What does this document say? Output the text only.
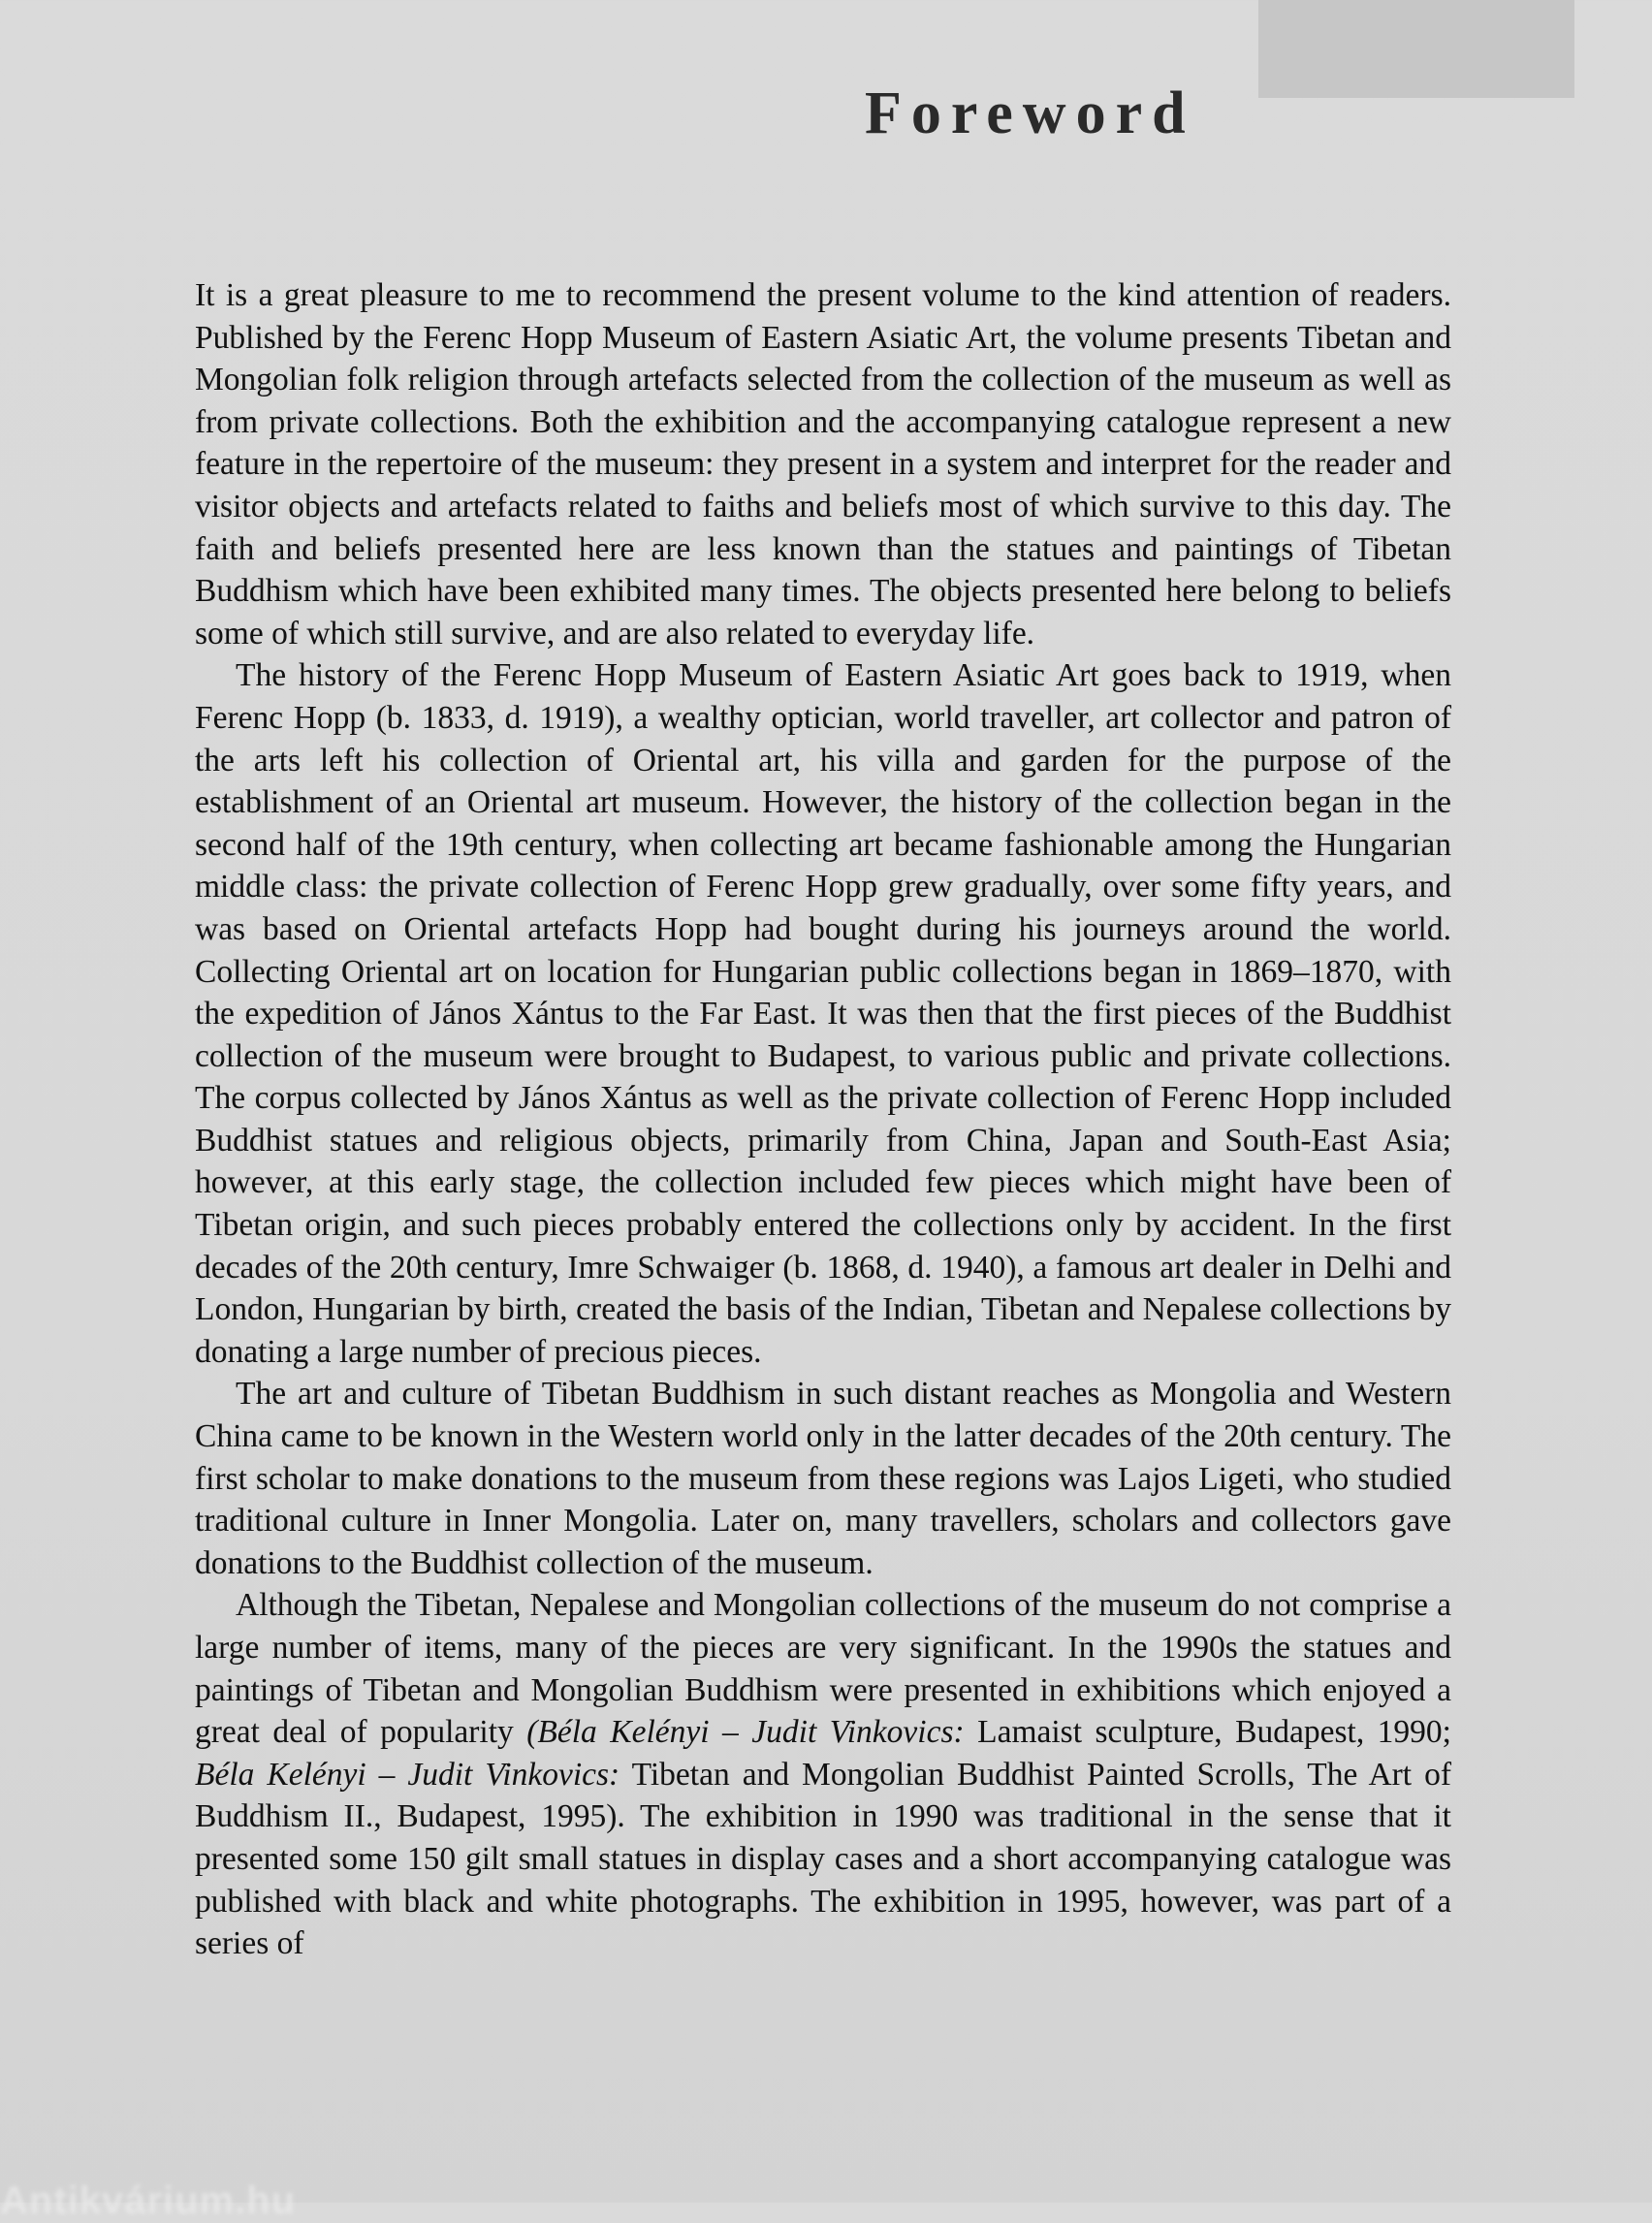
Foreword

It is a great pleasure to me to recommend the present volume to the kind attention of readers. Published by the Ferenc Hopp Museum of Eastern Asiatic Art, the volume presents Tibetan and Mongolian folk religion through artefacts selected from the collection of the museum as well as from private collections. Both the exhibition and the accompanying catalogue represent a new feature in the repertoire of the museum: they present in a system and interpret for the reader and visitor objects and artefacts related to faiths and beliefs most of which survive to this day. The faith and beliefs presented here are less known than the statues and paintings of Tibetan Buddhism which have been exhibited many times. The objects presented here belong to beliefs some of which still survive, and are also related to everyday life.

The history of the Ferenc Hopp Museum of Eastern Asiatic Art goes back to 1919, when Ferenc Hopp (b. 1833, d. 1919), a wealthy optician, world traveller, art collector and patron of the arts left his collection of Oriental art, his villa and garden for the purpose of the establishment of an Oriental art museum. However, the history of the collection began in the second half of the 19th century, when collecting art became fashionable among the Hungarian middle class: the private collection of Ferenc Hopp grew gradually, over some fifty years, and was based on Oriental artefacts Hopp had bought during his journeys around the world. Collecting Oriental art on location for Hungarian public collections began in 1869–1870, with the expedition of János Xántus to the Far East. It was then that the first pieces of the Buddhist collection of the museum were brought to Budapest, to various public and private collections. The corpus collected by János Xántus as well as the private collection of Ferenc Hopp included Buddhist statues and religious objects, primarily from China, Japan and South-East Asia; however, at this early stage, the collection included few pieces which might have been of Tibetan origin, and such pieces probably entered the collections only by accident. In the first decades of the 20th century, Imre Schwaiger (b. 1868, d. 1940), a famous art dealer in Delhi and London, Hungarian by birth, created the basis of the Indian, Tibetan and Nepalese collections by donating a large number of precious pieces.

The art and culture of Tibetan Buddhism in such distant reaches as Mongolia and Western China came to be known in the Western world only in the latter decades of the 20th century. The first scholar to make donations to the museum from these regions was Lajos Ligeti, who studied traditional culture in Inner Mongolia. Later on, many travellers, scholars and collectors gave donations to the Buddhist collection of the museum.

Although the Tibetan, Nepalese and Mongolian collections of the museum do not comprise a large number of items, many of the pieces are very significant. In the 1990s the statues and paintings of Tibetan and Mongolian Buddhism were presented in exhibitions which enjoyed a great deal of popularity (Béla Kelényi – Judit Vinkovics: Lamaist sculpture, Budapest, 1990; Béla Kelényi – Judit Vinkovics: Tibetan and Mongolian Buddhist Painted Scrolls, The Art of Buddhism II., Budapest, 1995). The exhibition in 1990 was traditional in the sense that it presented some 150 gilt small statues in display cases and a short accompanying catalogue was published with black and white photographs. The exhibition in 1995, however, was part of a series of

Antikvárium.hu
